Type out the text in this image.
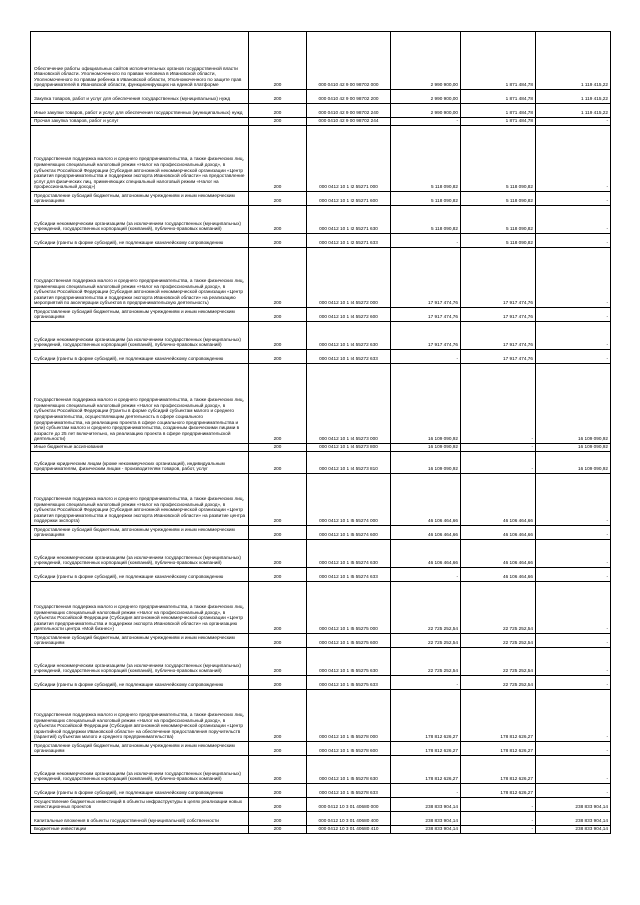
Обеспечение работы официальных сайтов исполнительных органов государственной власти Ивановской области. Уполномоченного по правам человека в Ивановской области, Уполномоченного по правам ребенка в Ивановской области, Уполномоченного по защите прав предпринимателей в Ивановской области, функционирующих на единой платформе	200	000 0410 42 9 00 98702 000	2 990 900,00	1 871 484,78	1 119 415,22
Закупка товаров, работ и услуг для обеспечения государственных (муниципальных) нужд	200	000 0410 42 9 00 98702 200	2 990 900,00	1 871 484,78	1 119 415,22
Иные закупки товаров, работ и услуг для обеспечения государственных (муниципальных) нужд	200	000 0410 42 9 00 98702 240	2 990 900,00	1 871 484,78	1 119 415,22
Прочая закупка товаров, работ и услуг	200	000 0410 42 9 00 98702 244	-	1 871 484,78	-
Государственная поддержка малого и среднего предпринимательства, а также физических лиц, применяющих специальный налоговый режим «Налог на профессиональный доход», в субъектах Российской Федерации (Субсидия автономной некоммерческой организации «Центр развития предпринимательства и поддержки экспорта Ивановской области» на предоставление услуг для физических лиц, применяющих специальный налоговый режим «Налог на профессиональный доход»)	200	000 0412 10 1 I2 55271 000	5 118 090,82	5 118 090,82	-
Предоставление субсидий бюджетным, автономным учреждениям и иным некоммерческим организациям	200	000 0412 10 1 I2 55271 600	5 118 090,82	5 118 090,82	-
Субсидии некоммерческим организациям (за исключением государственных (муниципальных) учреждений, государственных корпораций (компаний), публично-правовых компаний)	200	000 0412 10 1 I2 55271 630	5 118 090,82	5 118 090,82	-
Субсидии (гранты в форме субсидий), не подлежащие казначейскому сопровождению	200	000 0412 10 1 I2 55271 633	-	5 118 090,82	-
Государственная поддержка малого и среднего предпринимательства, а также физических лиц, применяющих специальный налоговый режим «Налог на профессиональный доход», в субъектах Российской Федерации (Субсидия автономной некоммерческой организации «Центр развития предпринимательства и поддержки экспорта Ивановской области» на реализацию мероприятий по акселерации субъектов в предпринимательскую деятельность)	200	000 0412 10 1 I4 55272 000	17 917 474,76	17 917 474,76	-
Предоставление субсидий бюджетным, автономным учреждениям и иным некоммерческим организациям	200	000 0412 10 1 I4 55272 600	17 917 474,76	17 917 474,76	-
Субсидии некоммерческим организациям (за исключением государственных (муниципальных) учреждений, государственных корпораций (компаний), публично-правовых компаний)	200	000 0412 10 1 I4 55272 630	17 917 474,76	17 917 474,76	-
Субсидии (гранты в форме субсидий), не подлежащие казначейскому сопровождению	200	000 0412 10 1 I4 55272 633	-	17 917 474,76	-
Государственная поддержка малого и среднего предпринимательства, а также физических лиц, применяющих специальный налоговый режим «Налог на профессиональный доход», в субъектах Российской Федерации (Гранты в форме субсидий субъектам малого и среднего предпринимательства, осуществляющим деятельность в сфере социального предпринимательства, на реализацию проекта в сфере социального предпринимательства и (или) субъектам малого и среднего предпринимательства, созданным физическими лицами в возрасте до 25 лет включительно, на реализацию проекта в сфере предпринимательской деятельности)	200	000 0412 10 1 I4 55273 000	16 109 090,92	-	16 109 090,92
Иные бюджетные ассигнования	200	000 0412 10 1 I4 55273 800	16 109 090,92	-	16 109 090,92
Субсидии юридическим лицам (кроме некоммерческих организаций), индивидуальным предпринимателям, физическим лицам - производителям товаров, работ, услуг	200	000 0412 10 1 I4 55273 810	16 109 090,92	-	16 109 090,92
Государственная поддержка малого и среднего предпринимательства, а также физических лиц, применяющих специальный налоговый режим «Налог на профессиональный доход», в субъектах Российской Федерации (Субсидия автономной некоммерческой организации «Центр развития предпринимательства и поддержки экспорта Ивановской области» на развитие центра поддержки экспорта)	200	000 0412 10 1 I5 55274 000	46 106 464,66	46 106 464,66	-
Предоставление субсидий бюджетным, автономным учреждениям и иным некоммерческим организациям	200	000 0412 10 1 I5 55274 600	46 106 464,66	46 106 464,66	-
Субсидии некоммерческим организациям (за исключением государственных (муниципальных) учреждений, государственных корпораций (компаний), публично-правовых компаний)	200	000 0412 10 1 I5 55274 630	46 106 464,66	46 106 464,66	-
Субсидии (гранты в форме субсидий), не подлежащие казначейскому сопровождению	200	000 0412 10 1 I5 55274 633	-	46 106 464,66	-
Государственная поддержка малого и среднего предпринимательства, а также физических лиц, применяющих специальный налоговый режим «Налог на профессиональный доход», в субъектах Российской Федерации (Субсидия автономной некоммерческой организации «Центр развития предпринимательства и поддержки экспорта Ивановской области» на организацию деятельности центра «Мой бизнес»)	200	000 0412 10 1 I5 55275 000	22 725 252,54	22 725 252,54	-
Предоставление субсидий бюджетным, автономным учреждениям и иным некоммерческим организациям	200	000 0412 10 1 I5 55275 600	22 725 252,54	22 725 252,54	-
Субсидии некоммерческим организациям (за исключением государственных (муниципальных) учреждений, государственных корпораций (компаний), публично-правовых компаний)	200	000 0412 10 1 I5 55275 630	22 725 252,54	22 725 252,54	-
Субсидии (гранты в форме субсидий), не подлежащие казначейскому сопровождению	200	000 0412 10 1 I5 55275 633	-	22 725 252,54	-
Государственная поддержка малого и среднего предпринимательства, а также физических лиц, применяющих специальный налоговый режим «Налог на профессиональный доход», в субъектах Российской Федерации (Субсидия автономной некоммерческой организации «Центр гарантийной поддержки Ивановской области» на обеспечение предоставления поручительств (гарантий) субъектам малого и среднего предпринимательства)	200	000 0412 10 1 I5 55278 000	178 812 626,27	178 812 626,27	-
Предоставление субсидий бюджетным, автономным учреждениям и иным некоммерческим организациям	200	000 0412 10 1 I5 55278 600	178 812 626,27	178 812 626,27	-
Субсидии некоммерческим организациям (за исключением государственных (муниципальных) учреждений, государственных корпораций (компаний), публично-правовых компаний)	200	000 0412 10 1 I5 55278 630	178 812 626,27	178 812 626,27	-
Субсидии (гранты в форме субсидий), не подлежащие казначейскому сопровождению	200	000 0412 10 1 I5 55278 633	-	178 812 626,27	-
Осуществление бюджетных инвестиций в объекты инфраструктуры в целях реализации новых инвестиционных проектов	200	000 0412 10 3 01 40680 000	238 833 904,14	-	238 833 904,14
Капитальные вложения в объекты государственной (муниципальной) собственности	200	000 0412 10 3 01 40680 400	238 833 904,14	-	238 833 904,14
Бюджетные инвестиции	200	000 0412 10 3 01 40680 410	238 833 904,14	-	238 833 904,14
